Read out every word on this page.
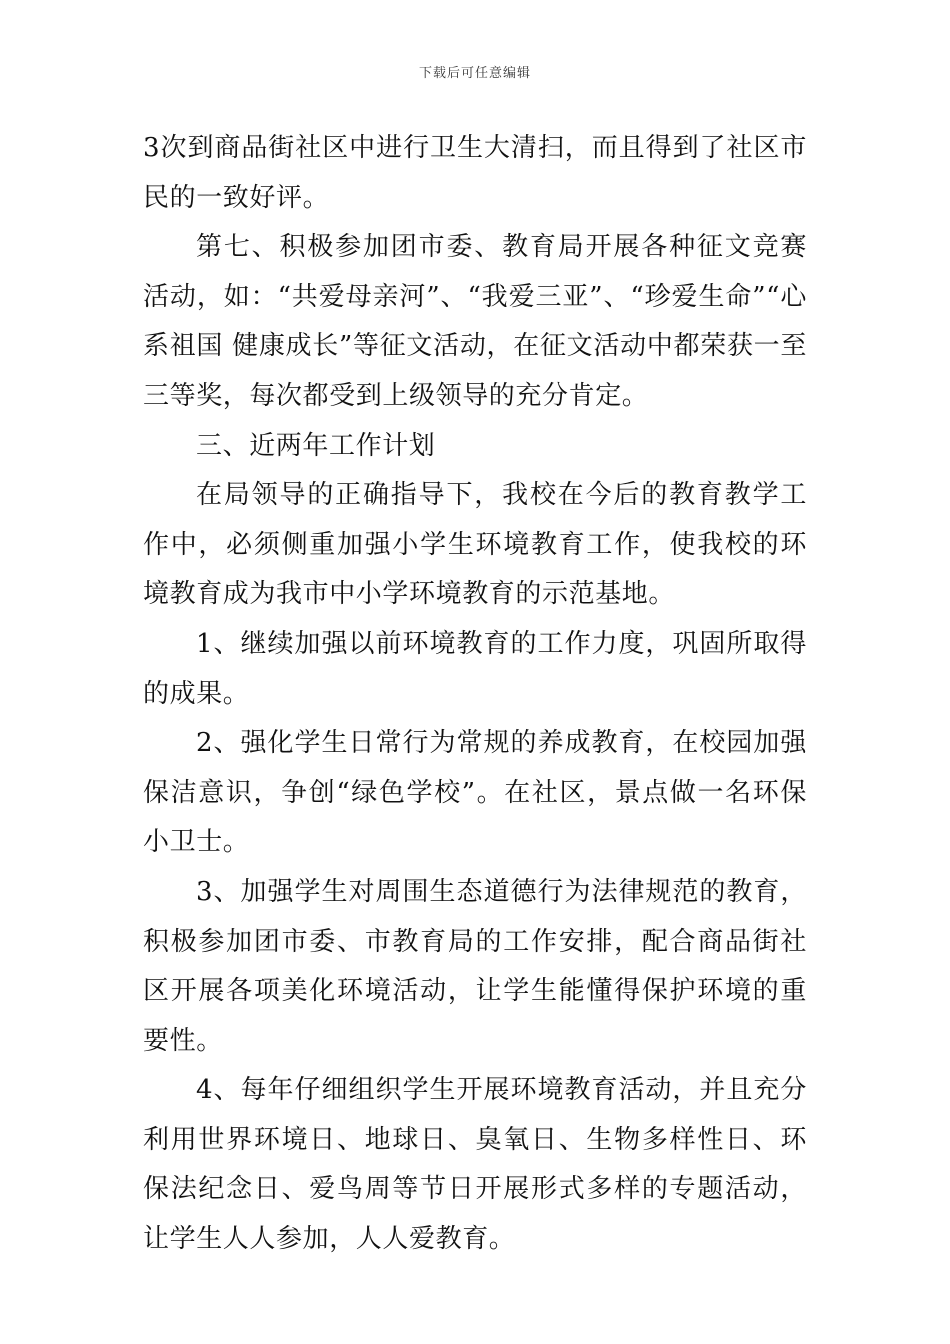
下载后可任意编辑

3次到商品街社区中进行卫生大清扫，而且得到了社区市民的一致好评。

第七、积极参加团市委、教育局开展各种征文竞赛活动，如：“共爱母亲河”、“我爱三亚”、“珍爱生命”“心系祖国 健康成长”等征文活动，在征文活动中都荣获一至三等奖，每次都受到上级领导的充分肯定。

三、近两年工作计划

在局领导的正确指导下，我校在今后的教育教学工作中，必须侧重加强小学生环境教育工作，使我校的环境教育成为我市中小学环境教育的示范基地。

1、继续加强以前环境教育的工作力度，巩固所取得的成果。

2、强化学生日常行为常规的养成教育，在校园加强保洁意识，争创“绿色学校”。在社区，景点做一名环保小卫士。

3、加强学生对周围生态道德行为法律规范的教育，积极参加团市委、市教育局的工作安排，配合商品街社区开展各项美化环境活动，让学生能懂得保护环境的重要性。

4、每年仔细组织学生开展环境教育活动，并且充分利用世界环境日、地球日、臭氧日、生物多样性日、环保法纪念日、爱鸟周等节日开展形式多样的专题活动，让学生人人参加，人人爱教育。
